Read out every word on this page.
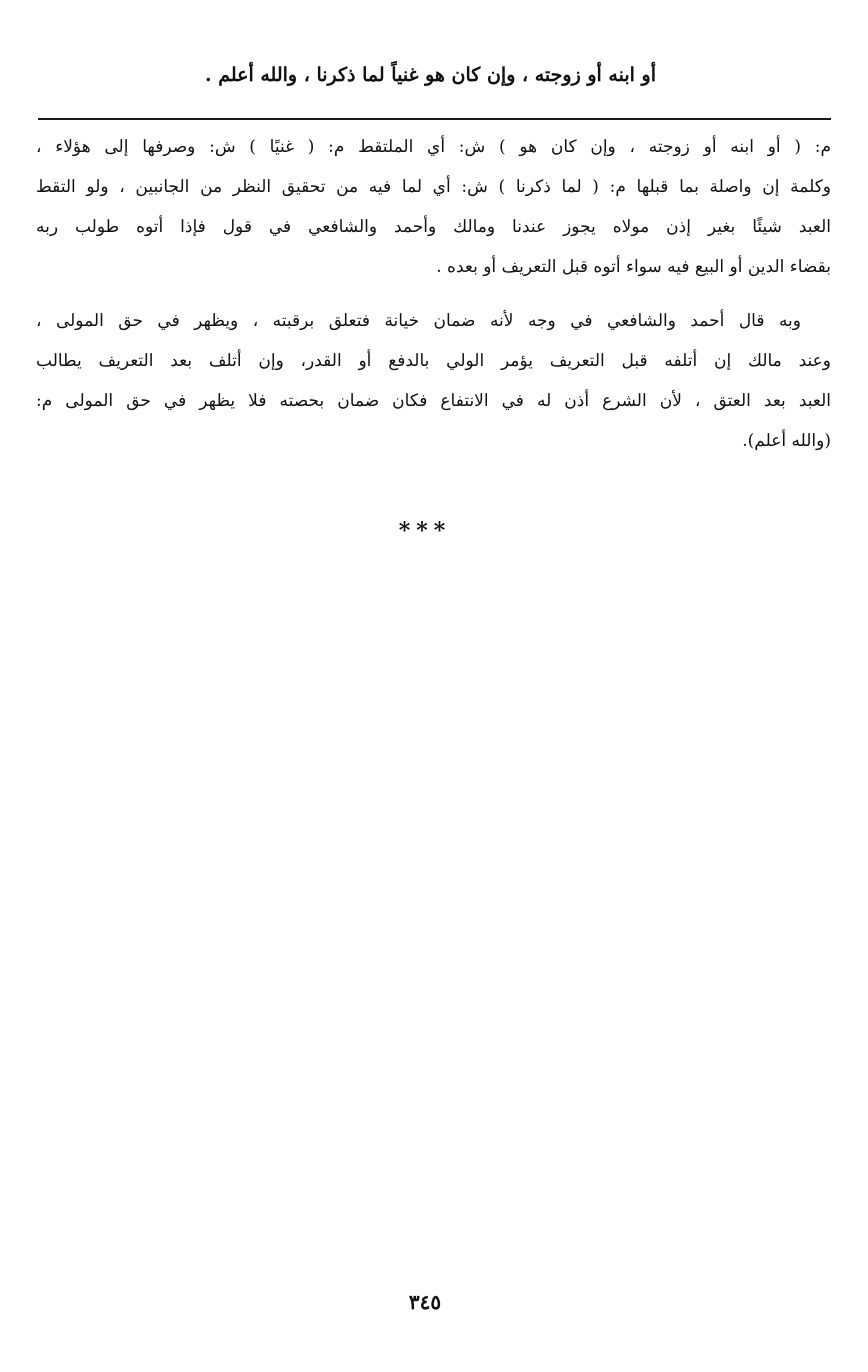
أو ابنه أو زوجته ، وإن كان هو غنياً لما ذكرنا ، والله أعلم .
م: ( أو ابنه أو زوجته ، وإن كان هو ) ش: أي الملتقط م: ( غنيًا ) ش: وصرفها إلى هؤلاء ،
وكلمة إن واصلة بما قبلها م: ( لما ذكرنا ) ش: أي لما فيه من تحقيق النظر من الجانبين ، ولو التقط
العبد شيئًا بغير إذن مولاه يجوز عندنا ومالك وأحمد والشافعي في قول فإذا أتوه طولب ربه
بقضاء الدين أو البيع فيه سواء أتوه قبل التعريف أو بعده .
وبه قال أحمد والشافعي في وجه لأنه ضمان خيانة فتعلق برقبته ، ويظهر في حق المولى ،
وعند مالك إن أتلفه قبل التعريف يؤمر الولي بالدفع أو القدر، وإن أتلف بعد التعريف يطالب
العبد بعد العتق ، لأن الشرع أذن له في الانتفاع فكان ضمان بحصته فلا يظهر في حق المولى م:
(والله أعلم).
***
٣٤٥
